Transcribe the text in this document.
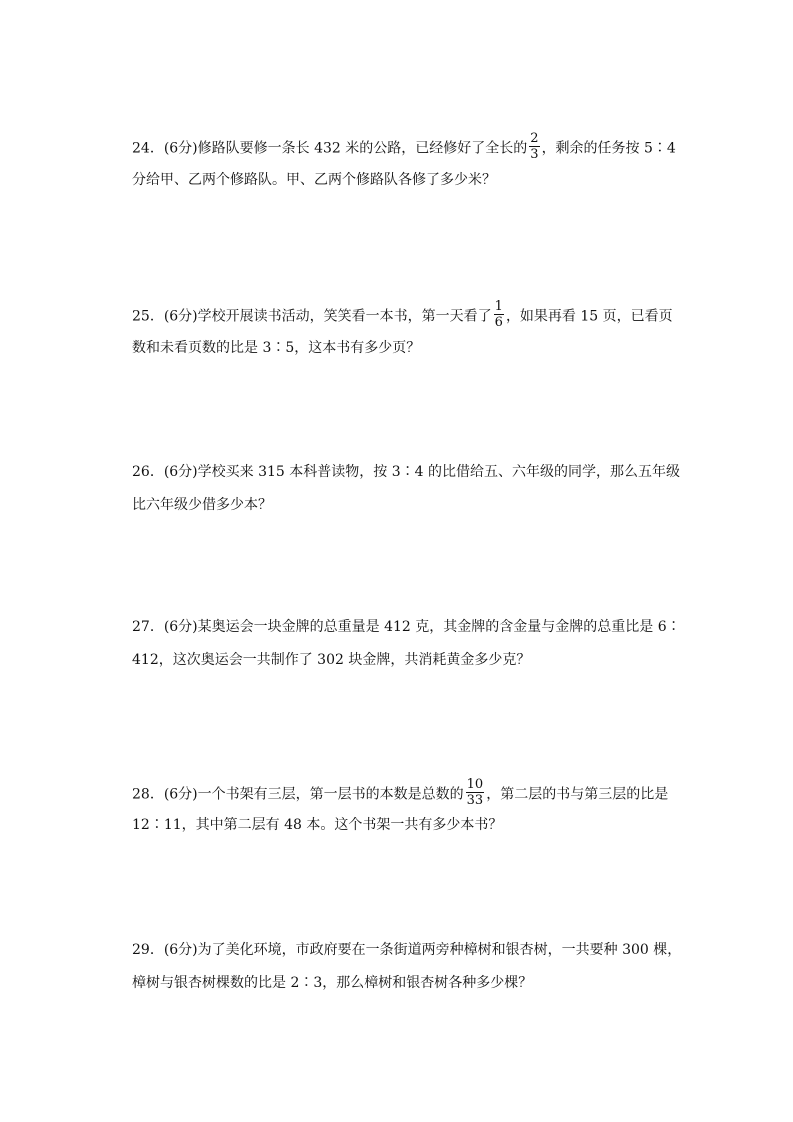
24．(6分)修路队要修一条长 432 米的公路，已经修好了全长的 $\frac{2}{3}$ ，剩余的任务按 5∶4
分给甲、乙两个修路队。甲、乙两个修路队各修了多少米？
25．(6分)学校开展读书活动，笑笑看一本书，第一天看了 $\frac{1}{6}$ ，如果再看 15 页，已看页
数和未看页数的比是 3∶5，这本书有多少页？
26．(6分)学校买来 315 本科普读物，按 3∶4 的比借给五、六年级的同学，那么五年级
比六年级少借多少本？
27．(6分)某奥运会一块金牌的总重量是 412 克，其金牌的含金量与金牌的总重比是 6∶
412，这次奥运会一共制作了 302 块金牌，共消耗黄金多少克？
28．(6分)一个书架有三层，第一层书的本数是总数的 $\frac{10}{33}$ ，第二层的书与第三层的比是
12∶11，其中第二层有 48 本。这个书架一共有多少本书？
29．(6分)为了美化环境，市政府要在一条街道两旁种樟树和银杏树，一共要种 300 棵，
樟树与银杏树棵数的比是 2∶3，那么樟树和银杏树各种多少棵？
